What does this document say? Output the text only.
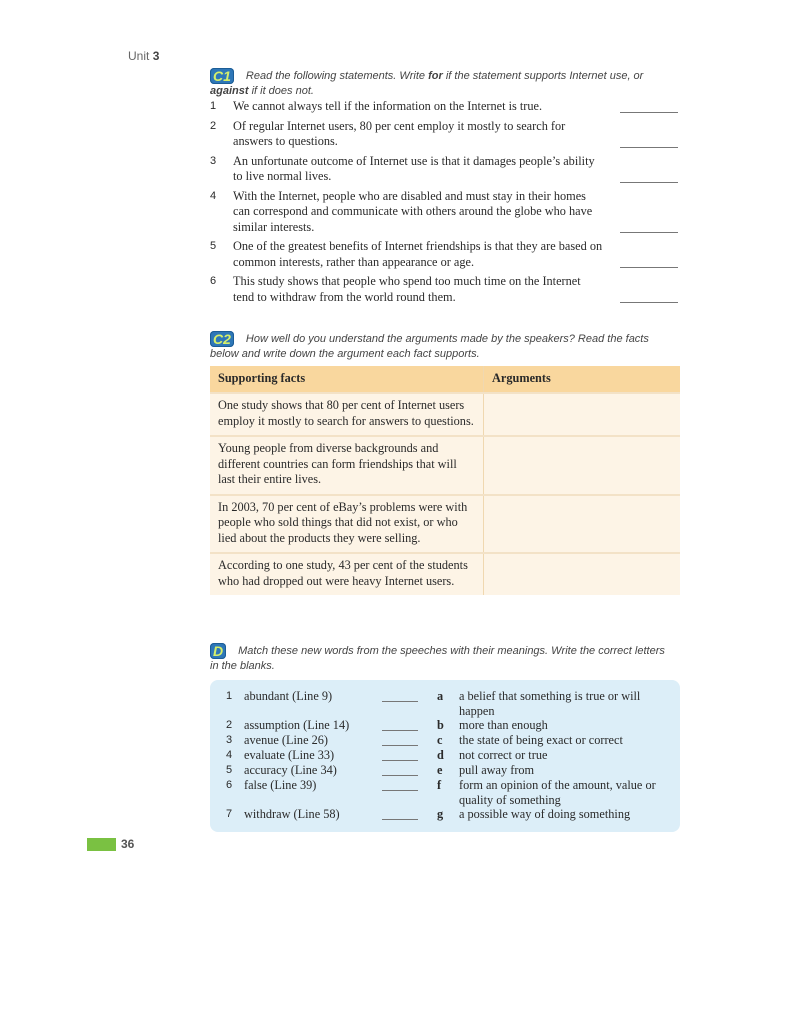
Unit 3
C1 Read the following statements. Write for if the statement supports Internet use, or against if it does not.
1	We cannot always tell if the information on the Internet is true.
2	Of regular Internet users, 80 per cent employ it mostly to search for answers to questions.
3	An unfortunate outcome of Internet use is that it damages people’s ability to live normal lives.
4	With the Internet, people who are disabled and must stay in their homes can correspond and communicate with others around the globe who have similar interests.
5	One of the greatest benefits of Internet friendships is that they are based on common interests, rather than appearance or age.
6	This study shows that people who spend too much time on the Internet tend to withdraw from the world round them.
C2 How well do you understand the arguments made by the speakers? Read the facts below and write down the argument each fact supports.
Supporting facts	Arguments
One study shows that 80 per cent of Internet users employ it mostly to search for answers to questions.	
Young people from diverse backgrounds and different countries can form friendships that will last their entire lives.	
In 2003, 70 per cent of eBay’s problems were with people who sold things that did not exist, or who lied about the products they were selling.	
According to one study, 43 per cent of the students who had dropped out were heavy Internet users.	
D Match these new words from the speeches with their meanings. Write the correct letters in the blanks.
1 abundant (Line 9)	a a belief that something is true or will happen
2 assumption (Line 14)	b more than enough
3 avenue (Line 26)	c the state of being exact or correct
4 evaluate (Line 33)	d not correct or true
5 accuracy (Line 34)	e pull away from
6 false (Line 39)	f form an opinion of the amount, value or quality of something
7 withdraw (Line 58)	g a possible way of doing something
36
